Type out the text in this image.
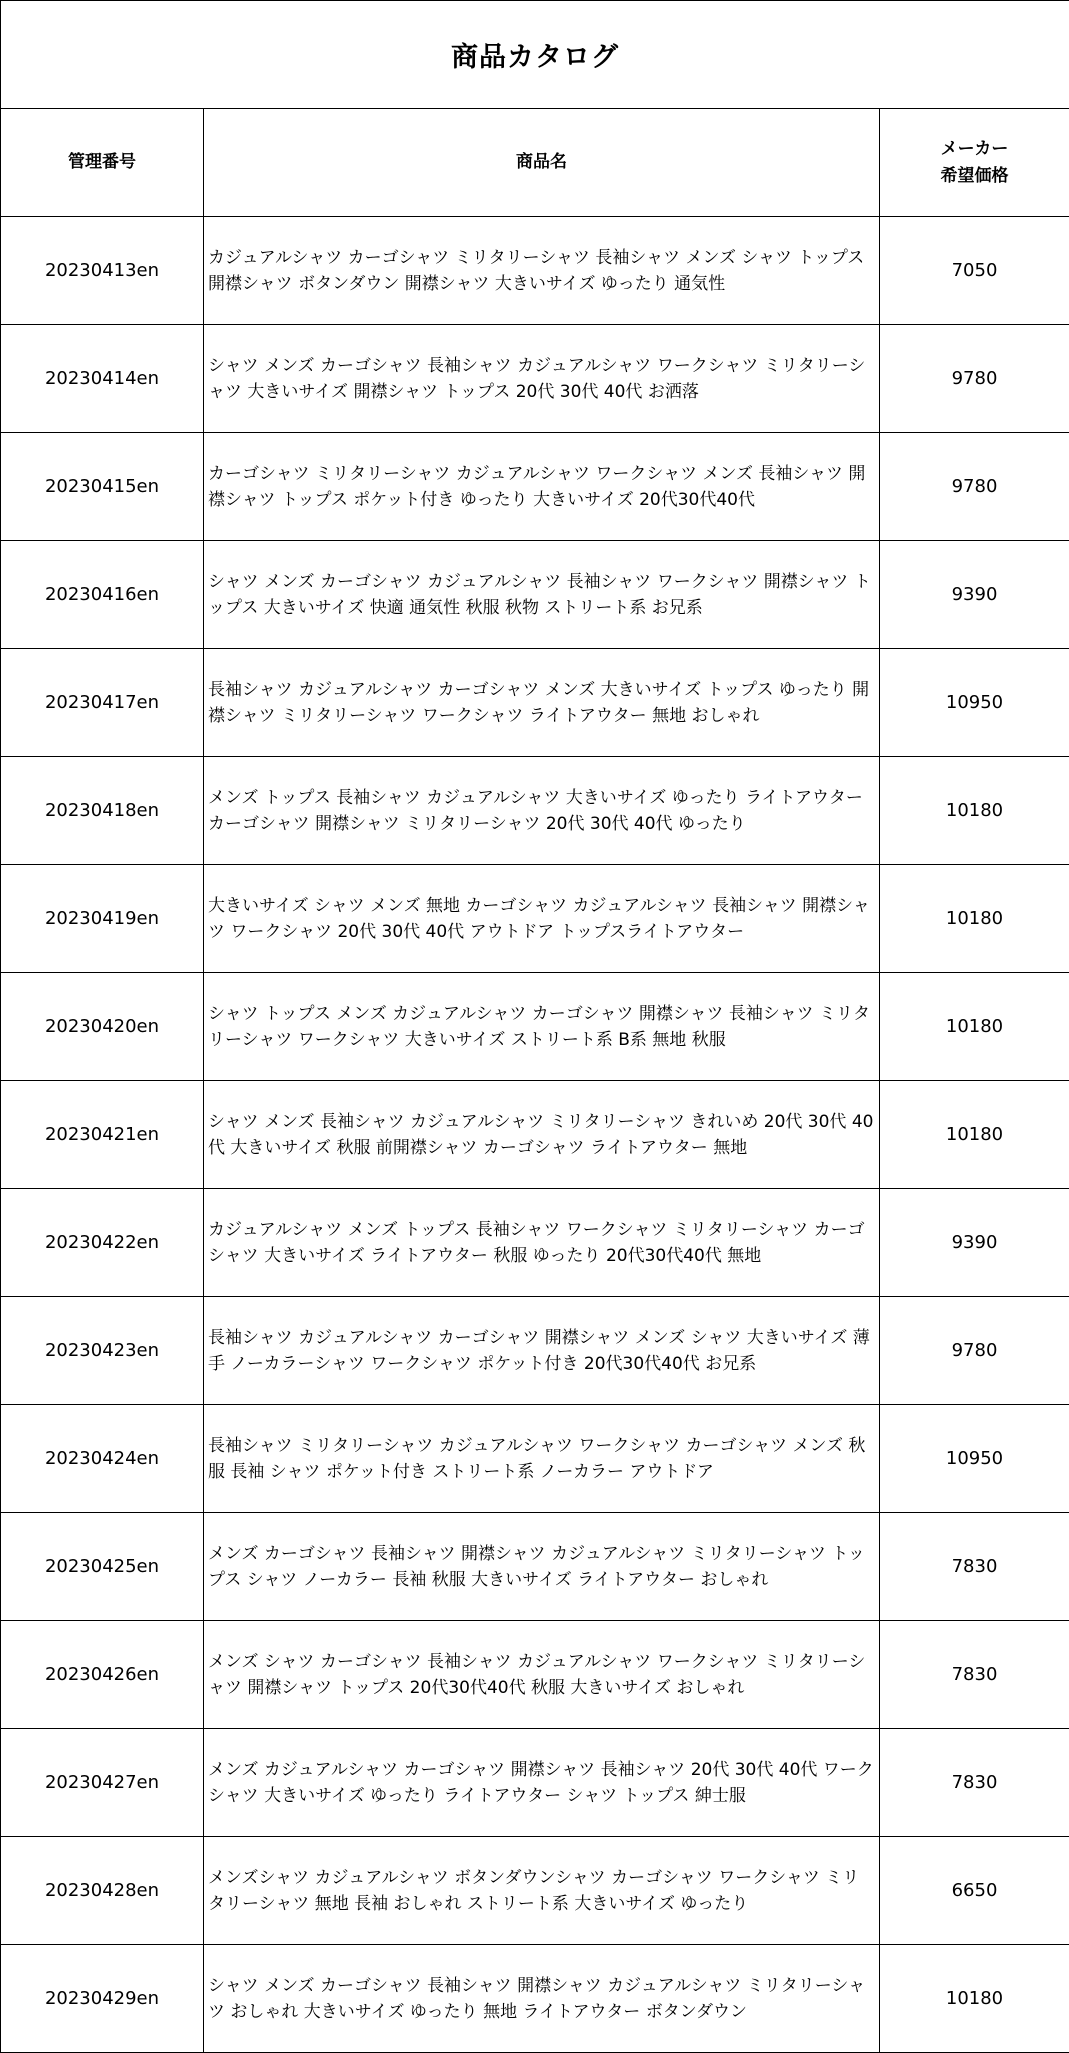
商品カタログ		
管理番号	商品名	メーカー
希望価格

20230413en	カジュアルシャツ カーゴシャツ ミリタリーシャツ 長袖シャツ メンズ シャツ トップス 開襟シャツ ボタンダウン 開襟シャツ 大きいサイズ ゆったり 通気性	7050
20230414en	シャツ メンズ カーゴシャツ 長袖シャツ カジュアルシャツ ワークシャツ ミリタリーシャツ 大きいサイズ 開襟シャツ トップス 20代 30代 40代 お洒落	9780
20230415en	カーゴシャツ ミリタリーシャツ カジュアルシャツ ワークシャツ メンズ 長袖シャツ 開襟シャツ トップス ポケット付き ゆったり 大きいサイズ 20代30代40代	9780
20230416en	シャツ メンズ カーゴシャツ カジュアルシャツ 長袖シャツ ワークシャツ 開襟シャツ トップス 大きいサイズ 快適 通気性 秋服 秋物 ストリート系 お兄系	9390
20230417en	長袖シャツ カジュアルシャツ カーゴシャツ メンズ 大きいサイズ トップス ゆったり 開襟シャツ ミリタリーシャツ ワークシャツ ライトアウター 無地 おしゃれ	10950
20230418en	メンズ トップス 長袖シャツ カジュアルシャツ 大きいサイズ ゆったり ライトアウター カーゴシャツ 開襟シャツ ミリタリーシャツ 20代 30代 40代 ゆったり	10180
20230419en	大きいサイズ シャツ メンズ 無地 カーゴシャツ カジュアルシャツ 長袖シャツ 開襟シャツ ワークシャツ 20代 30代 40代 アウトドア トップスライトアウター	10180
20230420en	シャツ トップス メンズ カジュアルシャツ カーゴシャツ 開襟シャツ 長袖シャツ ミリタリーシャツ ワークシャツ 大きいサイズ ストリート系 B系 無地 秋服	10180
20230421en	シャツ メンズ 長袖シャツ カジュアルシャツ ミリタリーシャツ きれいめ 20代 30代 40代 大きいサイズ 秋服 前開襟シャツ カーゴシャツ ライトアウター 無地	10180
20230422en	カジュアルシャツ メンズ トップス 長袖シャツ ワークシャツ ミリタリーシャツ カーゴシャツ 大きいサイズ ライトアウター 秋服 ゆったり 20代30代40代 無地	9390
20230423en	長袖シャツ カジュアルシャツ カーゴシャツ 開襟シャツ メンズ シャツ 大きいサイズ 薄手 ノーカラーシャツ ワークシャツ ポケット付き 20代30代40代 お兄系	9780
20230424en	長袖シャツ ミリタリーシャツ カジュアルシャツ ワークシャツ カーゴシャツ メンズ 秋服 長袖 シャツ ポケット付き ストリート系 ノーカラー アウトドア	10950
20230425en	メンズ カーゴシャツ 長袖シャツ 開襟シャツ カジュアルシャツ ミリタリーシャツ トップス シャツ ノーカラー 長袖 秋服 大きいサイズ ライトアウター おしゃれ	7830
20230426en	メンズ シャツ カーゴシャツ 長袖シャツ カジュアルシャツ ワークシャツ ミリタリーシャツ 開襟シャツ トップス 20代30代40代 秋服 大きいサイズ おしゃれ	7830
20230427en	メンズ カジュアルシャツ カーゴシャツ 開襟シャツ 長袖シャツ 20代 30代 40代 ワークシャツ 大きいサイズ ゆったり ライトアウター シャツ トップス 紳士服	7830
20230428en	メンズシャツ カジュアルシャツ ボタンダウンシャツ カーゴシャツ ワークシャツ ミリタリーシャツ 無地 長袖 おしゃれ ストリート系 大きいサイズ ゆったり	6650
20230429en	シャツ メンズ カーゴシャツ 長袖シャツ 開襟シャツ カジュアルシャツ ミリタリーシャツ おしゃれ 大きいサイズ ゆったり 無地 ライトアウター ボタンダウン	10180
